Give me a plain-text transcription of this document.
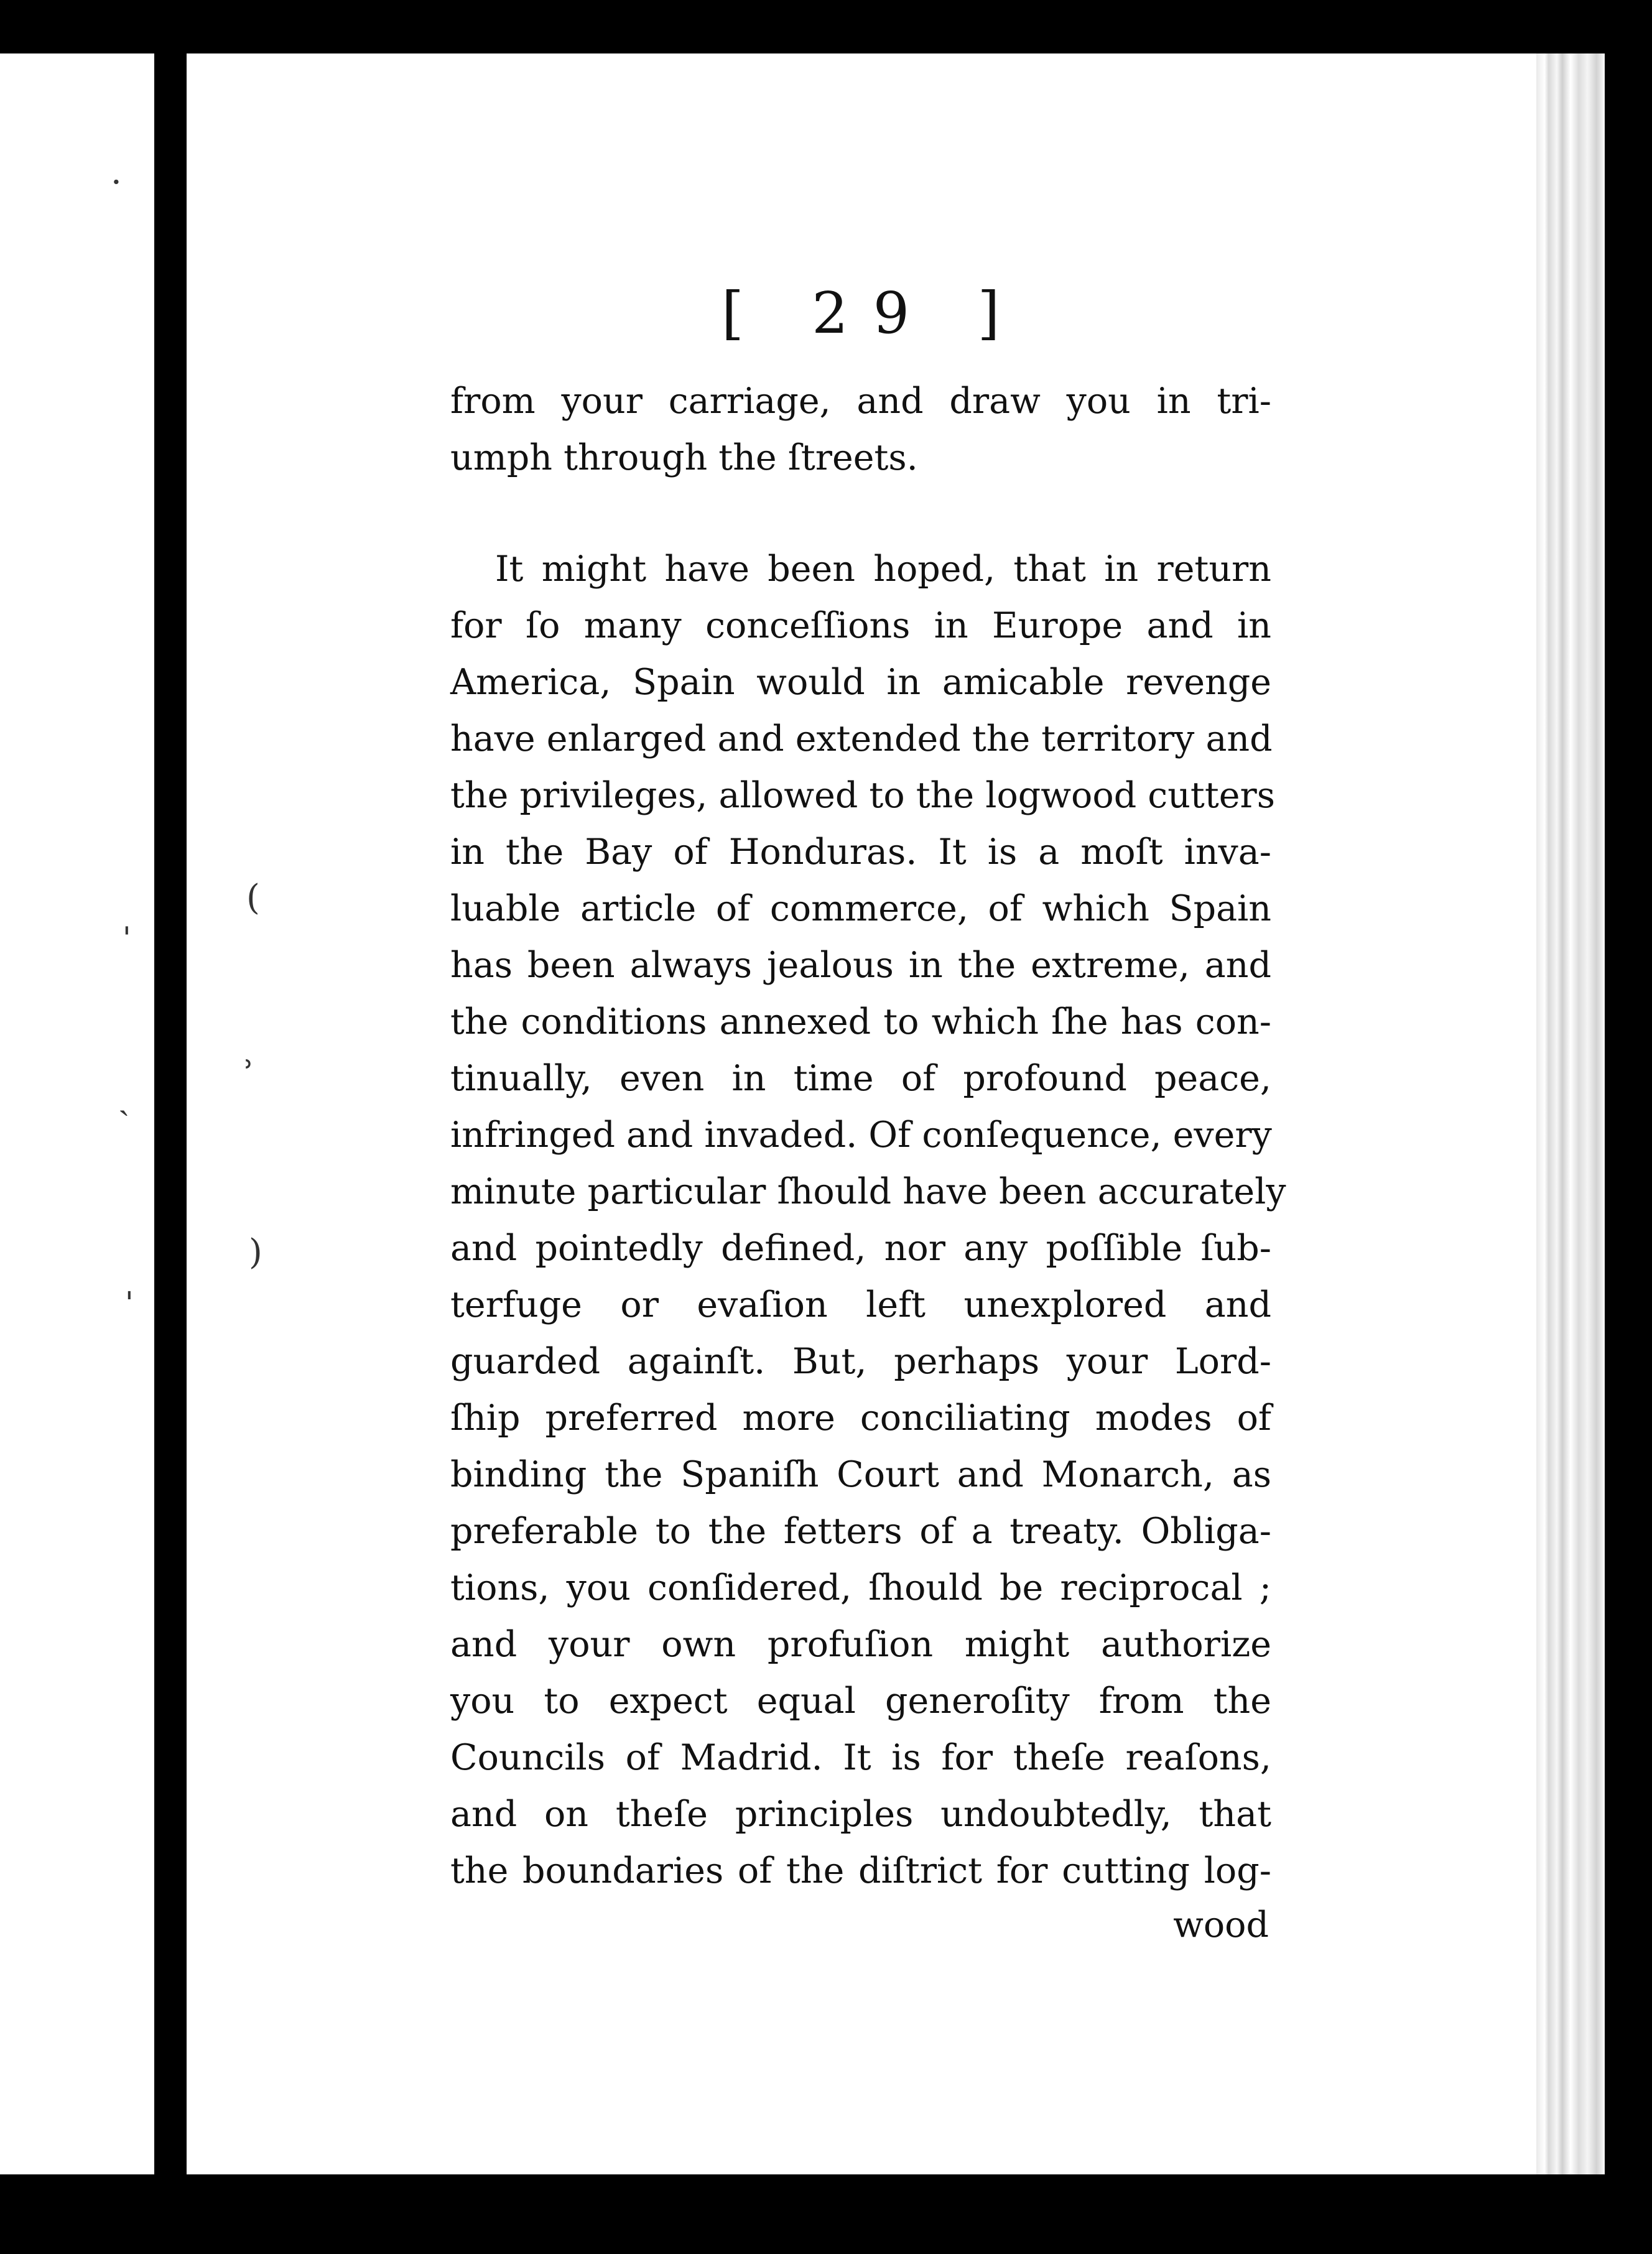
·
ˈ
ˎ
ˌ
(
˒
)
[ 29 ]
from your carriage, and draw you in tri-
umph through the ſtreets.
It might have been hoped, that in return
for ſo many conceſſions in Europe and in
America, Spain would in amicable revenge
have enlarged and extended the territory and
the privileges, allowed to the logwood cutters
in the Bay of Honduras. It is a moſt inva-
luable article of commerce, of which Spain
has been always jealous in the extreme, and
the conditions annexed to which ſhe has con-
tinually, even in time of profound peace,
infringed and invaded. Of conſequence, every
minute particular ſhould have been accurately
and pointedly defined, nor any poſſible ſub-
terfuge or evaſion left unexplored and
guarded againſt. But, perhaps your Lord-
ſhip preferred more conciliating modes of
binding the Spaniſh Court and Monarch, as
preferable to the fetters of a treaty. Obliga-
tions, you conſidered, ſhould be reciprocal ;
and your own profuſion might authorize
you to expect equal generoſity from the
Councils of Madrid. It is for theſe reaſons,
and on theſe principles undoubtedly, that
the boundaries of the diſtrict for cutting log-
wood
